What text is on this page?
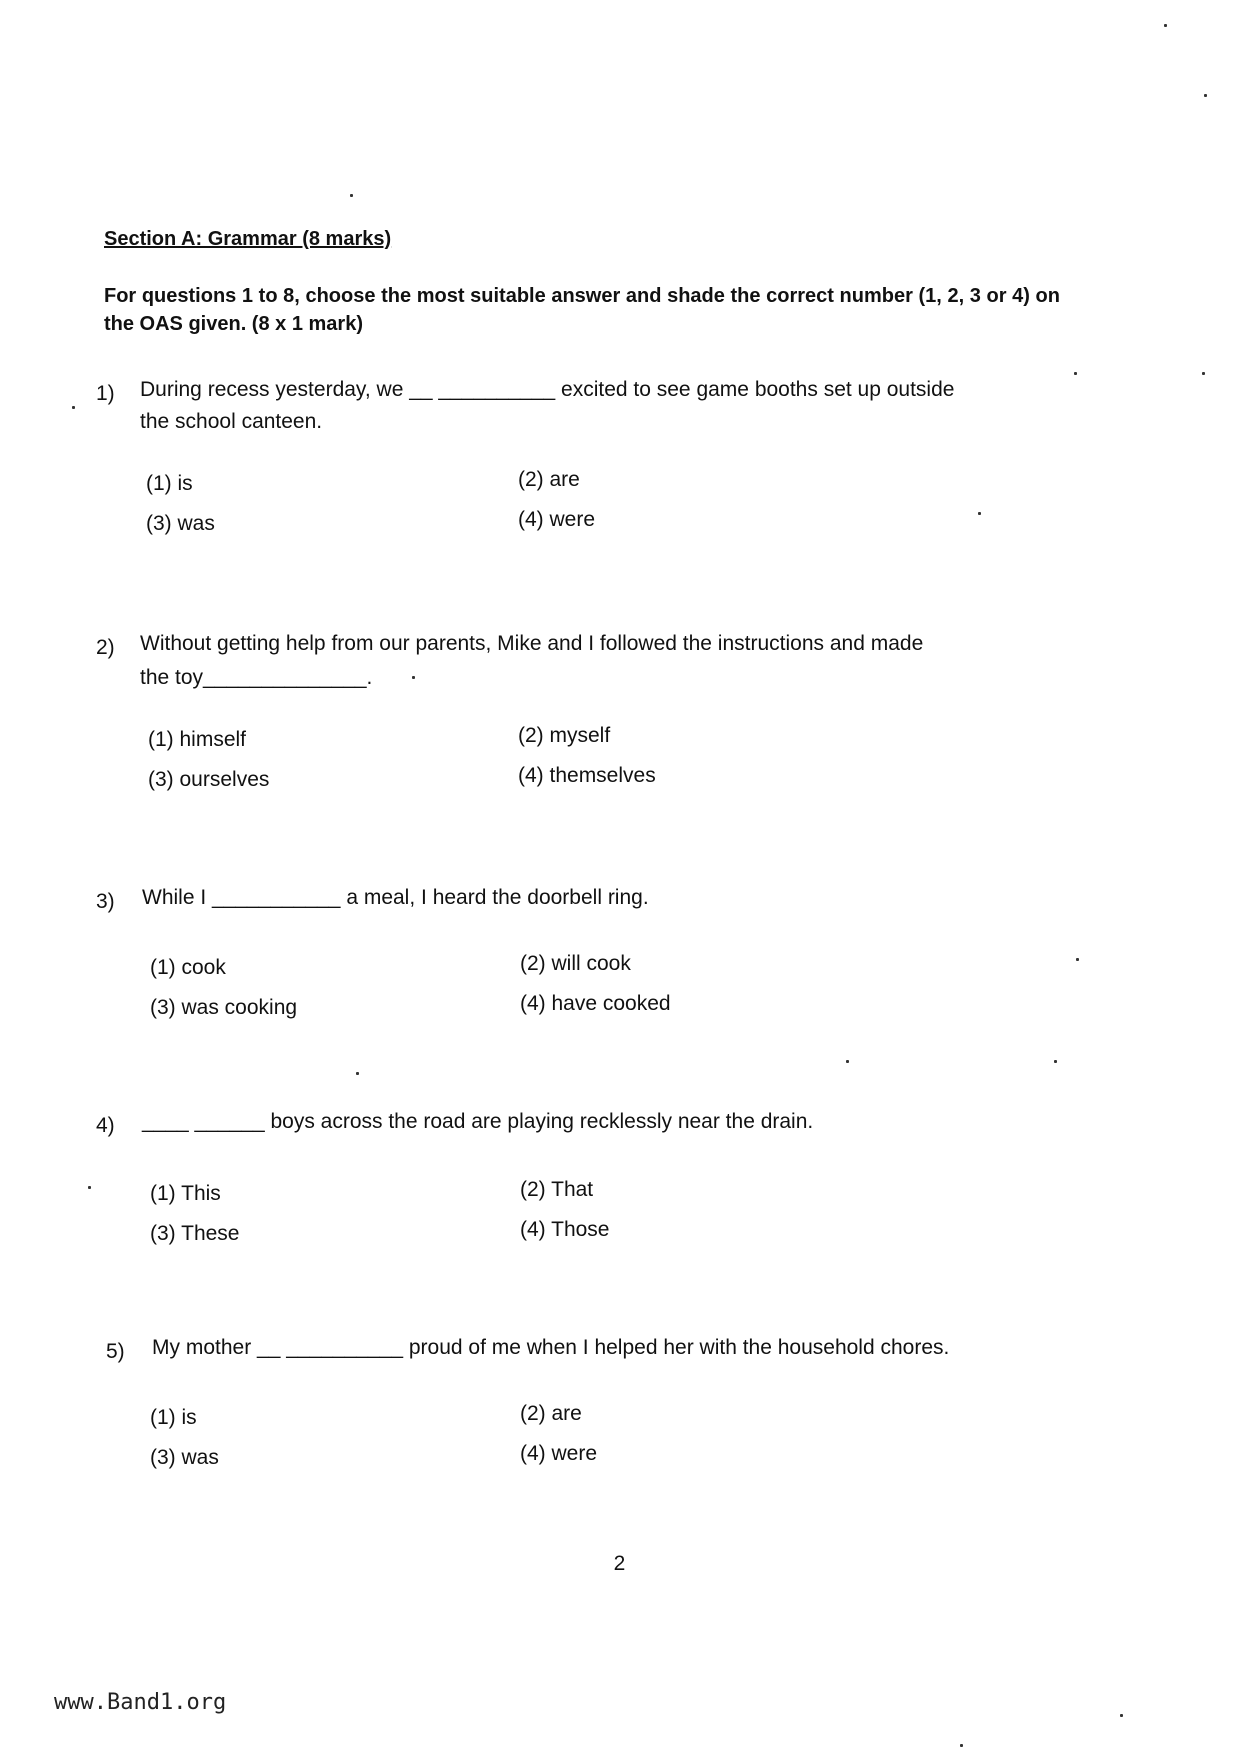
Section A: Grammar (8 marks)
For questions 1 to 8, choose the most suitable answer and shade the correct number (1, 2, 3 or 4) on the OAS given. (8 x 1 mark)
1) During recess yesterday, we __ __________ excited to see game booths set up outside
the school canteen.
(1) is	(2) are
(3) was	(4) were
2) Without getting help from our parents, Mike and I followed the instructions and made
the toy______________.
(1) himself	(2) myself
(3) ourselves	(4) themselves
3) While I ___________ a meal, I heard the doorbell ring.
(1) cook	(2) will cook
(3) was cooking	(4) have cooked
4) ____ ______ boys across the road are playing recklessly near the drain.
(1) This	(2) That
(3) These	(4) Those
5) My mother __ __________ proud of me when I helped her with the household chores.
(1) is	(2) are
(3) was	(4) were
2
www.Band1.org
